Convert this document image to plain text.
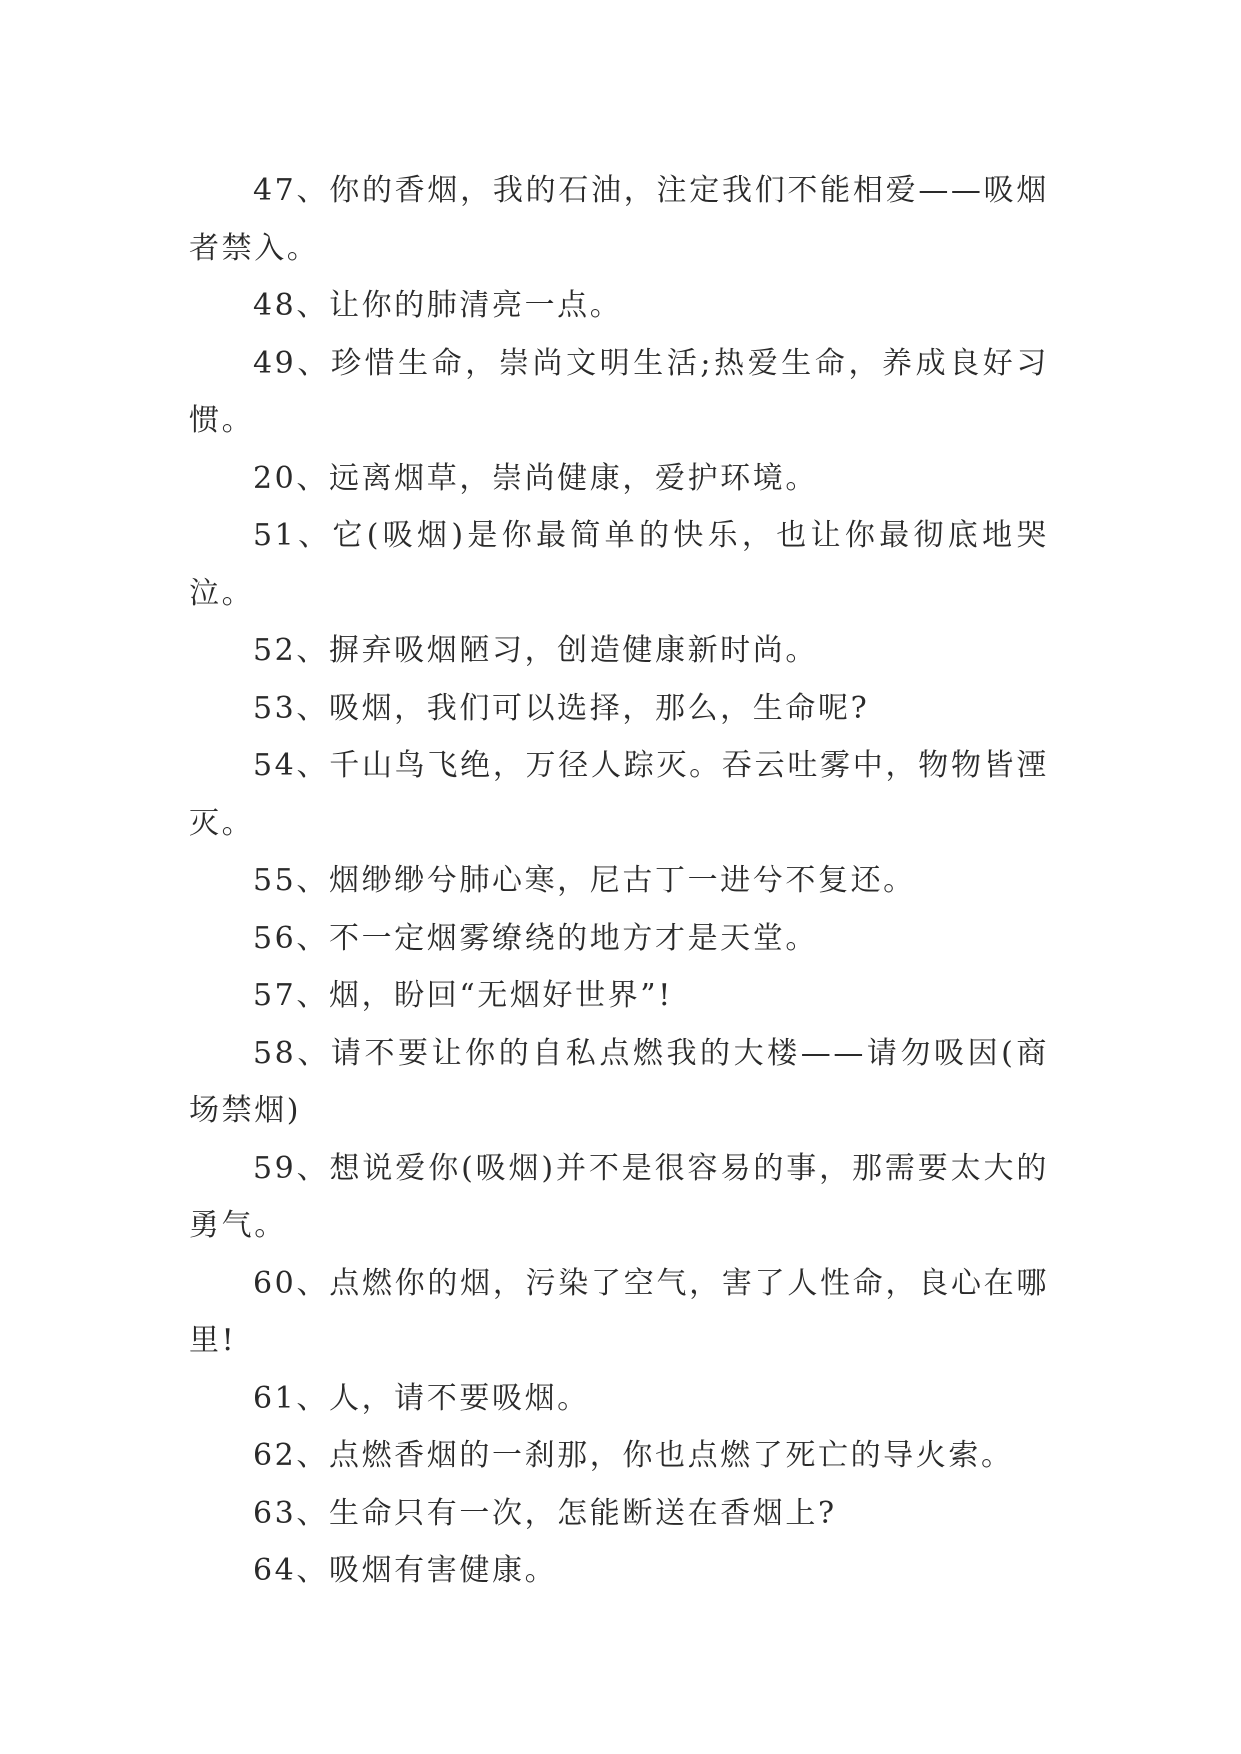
47、你的香烟，我的石油，注定我们不能相爱——吸烟者禁入。

48、让你的肺清亮一点。

49、珍惜生命，崇尚文明生活;热爱生命，养成良好习惯。

20、远离烟草，崇尚健康，爱护环境。

51、它(吸烟)是你最简单的快乐，也让你最彻底地哭泣。

52、摒弃吸烟陋习，创造健康新时尚。

53、吸烟，我们可以选择，那么，生命呢?

54、千山鸟飞绝，万径人踪灭。吞云吐雾中，物物皆湮灭。

55、烟缈缈兮肺心寒，尼古丁一进兮不复还。

56、不一定烟雾缭绕的地方才是天堂。

57、烟，盼回“无烟好世界”!

58、请不要让你的自私点燃我的大楼——请勿吸因(商场禁烟)

59、想说爱你(吸烟)并不是很容易的事，那需要太大的勇气。

60、点燃你的烟，污染了空气，害了人性命，良心在哪里!

61、人，请不要吸烟。

62、点燃香烟的一刹那，你也点燃了死亡的导火索。

63、生命只有一次，怎能断送在香烟上?

64、吸烟有害健康。
